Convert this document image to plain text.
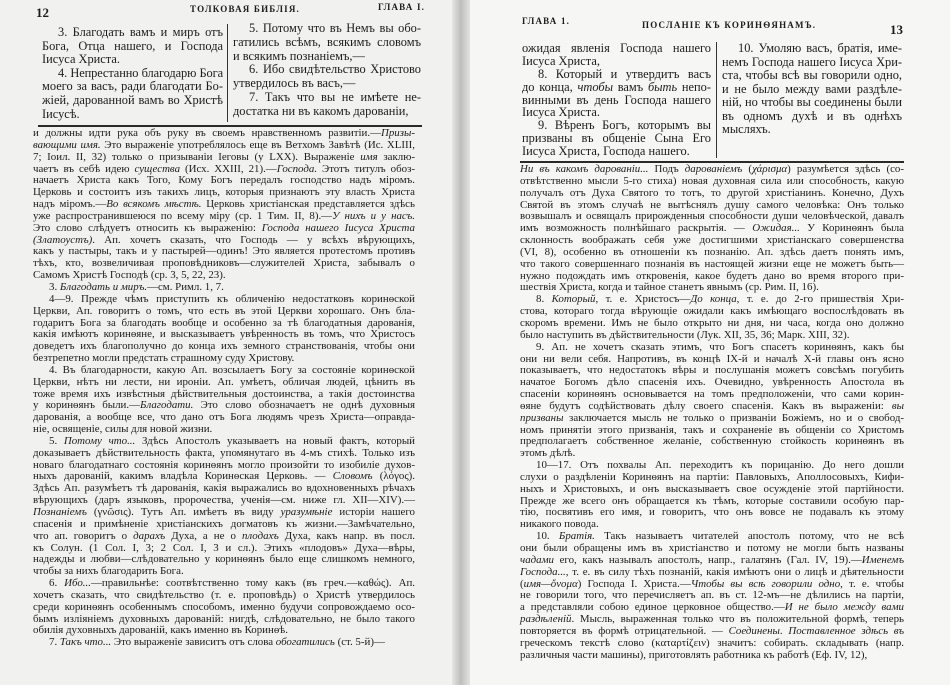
12	ТОЛКОВАЯ БИБЛІЯ.	ГЛАВА I.
3. Благодать вамъ и миръ отъ
Бога, Отца нашего, и Господа
Іисуса Христа.
4. Непрестанно благодарю Бога
моего за васъ, ради благодати Бо-
жіей, дарованной вамъ во Христѣ
Іисусѣ.
5. Потому что въ Немъ вы обо-
гатились всѣмъ, всякимъ словомъ
и всякимъ познаніемъ,—
6. Ибо свидѣтельство Христово
утвердилось въ васъ,—
7. Такъ что вы не имѣете не-
достатка ни въ какомъ дарованіи,
и должны идти рука объ руку въ своемъ нравственномъ развитіи.—Призы-
вающими имя. Это выраженіе употреблялось еще въ Ветхомъ Завѣтѣ (Ис. XLIII,
7; Іоил. II, 32) только о призываніи Іеговы (у LXX). Выраженіе имя заклю-
чаетъ въ себѣ идею существа (Исх. XXIII, 21).—Господа. Этотъ титулъ обоз-
начаетъ Христа какъ Того, Кому Богъ передалъ господство надъ міромъ.
Церковь и состоитъ изъ такихъ лицъ, которыя признаютъ эту власть Христа
надъ міромъ.—Во всякомъ мѣстѣ. Церковь христіанская представляется здѣсь
уже распространившеюся по всему міру (ср. 1 Тим. II, 8).—У нихъ и у насъ.
Это слово слѣдуетъ относить къ выраженію: Господа нашего Іисуса Христа
(Златоустъ). Ап. хочетъ сказать, что Господь — у всѣхъ вѣрующихъ,
какъ у пастыры, такъ и у пастырей—одинъ! Это является протестомъ противъ
тѣхъ, кто, возвеличивая проповѣдниковъ—служителей Христа, забывалъ о
Самомъ Христѣ Господѣ (ср. 3, 5, 22, 23).
3. Благодать и миръ.—см. Римл. 1, 7.
4—9. Прежде чѣмъ приступить къ обличенію недостатковъ коринѳской
Церкви, Ап. говоритъ о томъ, что есть въ этой Церкви хорошаго. Онъ бла-
годаритъ Бога за благодать вообще и особенно за тѣ благодатныя дарованія,
какія имѣютъ коринѳяне, и высказываетъ увѣренность въ томъ, что Христосъ
доведетъ ихъ благополучно до конца ихъ земного странствованія, чтобы они
безтрепетно могли предстать страшному суду Христову.
4. Въ благодарности, какую Ап. возсылаетъ Богу за состояніе коринѳской
Церкви, нѣтъ ни лести, ни ироніи. Ап. умѣетъ, обличая людей, цѣнить въ
тоже время ихъ извѣстныя дѣйствительныя достоинства, а такія достоинства
у коринѳянъ были.—Благодати. Это слово обозначаетъ не однѣ духовныя
дарованія, а вообще все, что дано отъ Бога людямъ чрезъ Христа—оправда-
ніе, освященіе, силы для новой жизни.
5. Потому что... Здѣсь Апостолъ указываетъ на новый фактъ, который
доказываетъ дѣйствительность факта, упомянутаго въ 4-мъ стихѣ. Только изъ
новаго благодатнаго состоянія коринѳянъ могло произойти то изобиліе духов-
ныхъ дарованій, какимъ владѣла Коринѳская Церковь. — Словомъ (λόγος).
Здѣсь Ап. разумѣетъ тѣ дарованія, какія выражались во вдохновенныхъ рѣчахъ
вѣрующихъ (даръ языковъ, пророчества, ученія—см. ниже гл. XII—XIV).—
Познаніемъ (γνῶσις). Тутъ Ап. имѣетъ въ виду уразумѣніе исторіи нашего
спасенія и примѣненіе христіанскихъ догматовъ къ жизни.—Замѣчательно,
что ап. говоритъ о дарахъ Духа, а не о плодахъ Духа, какъ напр. въ посл.
къ Солун. (1 Сол. I, 3; 2 Сол. I, 3 и сл.). Этихъ «плодовъ» Духа—вѣры,
надежды и любви—слѣдовательно у коринѳянъ было еще слишкомъ немного,
чтобы за нихъ благодарить Бога.
6. Ибо...—правильнѣе: соотвѣтственно тому какъ (въ греч.—καθώς). Ап.
хочетъ сказать, что свидѣтельство (т. е. проповѣдь) о Христѣ утвердилось
среди коринѳянъ особеннымъ способомъ, именно будучи сопровождаемо осо-
бымъ изліяніемъ духовныхъ дарованій: нигдѣ, слѣдовательно, не было такого
обилія духовныхъ дарованій, какъ именно въ Коринѳѣ.
7. Такъ что... Это выраженіе зависитъ отъ слова обогатились (ст. 5-й)—
ГЛАВА 1.	ПОСЛАНІЕ КЪ КОРИНѲЯНАМЪ.	13
ожидая явленія Господа нашего
Іисуса Христа,
8. Который и утвердитъ васъ
до конца, чтобы вамъ быть непо-
винными въ день Господа нашего
Іисуса Христа.
9. Вѣренъ Богъ, которымъ вы
призваны въ общеніе Сына Его
Іисуса Христа, Господа нашего.
10. Умоляю васъ, братія, име-
немъ Господа нашего Іисуса Хри-
ста, чтобы всѣ вы говорили одно,
и не было между вами раздѣле-
ній, но чтобы вы соединены были
въ одномъ духѣ и въ однѣхъ
мысляхъ.
Ни въ какомъ дарованіи... Подъ дарованіемъ (χάρισμα) разумѣется здѣсь (со-
отвѣтственно мысли 5-го стиха) новая духовная сила или способность, какую
получалъ отъ Духа Святого то тотъ, то другой христіанинъ. Конечно, Духъ
Святой въ этомъ случаѣ не вытѣснялъ душу самого человѣка: Онъ только
возвышалъ и освящалъ прирожденныя способности души человѣческой, давалъ
имъ возможность полнѣйшаго раскрытія. — Ожидая... У Коринѳянъ была
склонность воображать себя уже достигшими христіанскаго совершенства
(VI, 8), особенно въ отношеніи къ познанію. Ап. здѣсь даетъ понять имъ,
что такого совершеннаго познанія въ настоящей жизни еще не можетъ быть—
нужно подождать имъ откровенія, какое будетъ дано во время второго при-
шествія Христа, когда и тайное станетъ явнымъ (ср. Рим. II, 16).
8. Который, т. е. Христосъ—До конца, т. е. до 2-го пришествія Хри-
стова, котораго тогда вѣрующіе ожидали какъ имѣющаго воспослѣдовать въ
скоромъ времени. Имъ не было открыто ни дня, ни часа, когда оно должно
было наступить въ дѣйствительности (Лук. XII, 35, 36; Марк. XIII, 32).
9. Ап. не хочетъ сказать этимъ, что Богъ спасетъ коринѳянъ, какъ бы
они ни вели себя. Напротивъ, въ концѣ IX-й и началѣ X-й главы онъ ясно
показываетъ, что недостатокъ вѣры и послушанія можетъ совсѣмъ погубить
начатое Богомъ дѣло спасенія ихъ. Очевидно, увѣренность Апостола въ
спасеніи коринѳянъ основывается на томъ предположеніи, что сами корин-
ѳяне будутъ содѣйствовать дѣлу своего спасенія. Какъ въ выраженіи: вы
призваны заключается мысль не только о призваніи Божіемъ, но и о свобод-
номъ принятіи этого призванія, такъ и сохраненіе въ общеніи со Христомъ
предполагаетъ собственное желаніе, собственную стойкость коринѳянъ въ
этомъ дѣлѣ.
10—17. Отъ похвалы Ап. переходитъ къ порицанію. До него дошли
слухи о раздѣленіи Коринѳянъ на партіи: Павловыхъ, Аполлосовыхъ, Кифи-
ныхъ и Христовыхъ, и онъ высказываетъ свое осужденіе этой партійности.
Прежде же всего онъ обращается къ тѣмъ, которые составили особую пар-
тію, посвятивъ его имя, и говоритъ, что онъ вовсе не подавалъ къ этому
никакого повода.
10. Братія. Такъ называетъ читателей апостолъ потому, что не всѣ
они были обращены имъ въ христіанство и потому не могли быть названы
чадами его, какъ называлъ апостолъ, напр., галатянъ (Гал. IV, 19).—Именемъ
Господа..., т. е. въ силу тѣхъ познаній, какія имѣютъ они о лицѣ и дѣятельности
(имя—ὄνομα) Господа I. Христа.—Чтобы вы всѣ говорили одно, т. е. чтобы
не говорили того, что перечисляетъ ап. въ ст. 12-мъ—не дѣлились на партіи,
а представляли собою единое церковное общество.—И не было между вами
раздѣленій. Мысль, выраженная только что въ положительной формѣ, теперь
повторяется въ формѣ отрицательной. — Соединены. Поставленное здѣсь въ
греческомъ текстѣ слово (καταρτίζειν) значитъ: собирать. складывать (напр.
различныя части машины), приготовлять работника къ работѣ (Еф. IV, 12),
